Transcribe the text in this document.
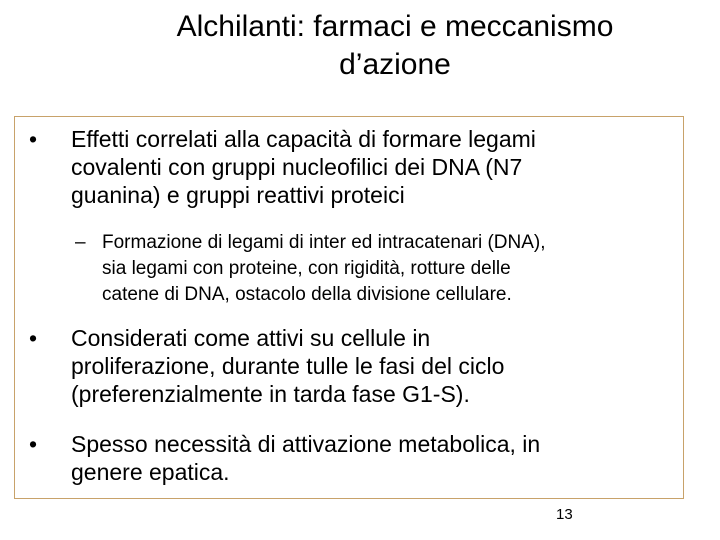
Alchilanti: farmaci e meccanismo
d’azione
• Effetti correlati alla capacità di formare legami
covalenti con gruppi nucleofilici dei DNA (N7
guanina) e gruppi reattivi proteici
– Formazione di legami di inter ed intracatenari (DNA),
sia legami con proteine, con rigidità, rotture delle
catene di DNA, ostacolo della divisione cellulare.
• Considerati come attivi su cellule in
proliferazione, durante tulle le fasi del ciclo
(preferenzialmente in tarda fase G1-S).
• Spesso necessità di attivazione metabolica, in
genere epatica.
13
